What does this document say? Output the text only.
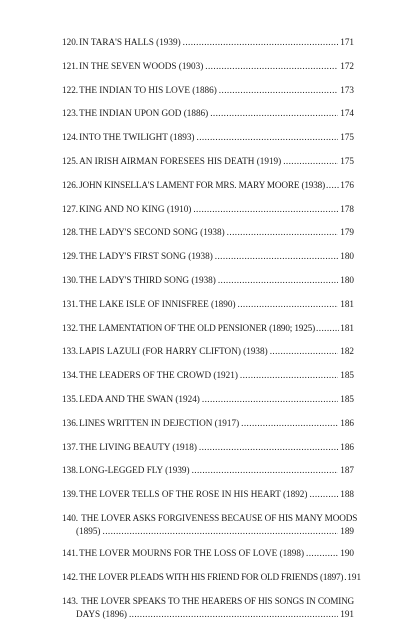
120. IN TARA'S HALLS (1939) .....	171
121. IN THE SEVEN WOODS (1903) .....	172
122. THE INDIAN TO HIS LOVE (1886) .....	173
123. THE INDIAN UPON GOD (1886) .....	174
124. INTO THE TWILIGHT (1893) .....	175
125. AN IRISH AIRMAN FORESEES HIS DEATH (1919) .....	175
126. JOHN KINSELLA'S LAMENT FOR MRS. MARY MOORE (1938) ..... 176
127. KING AND NO KING (1910) .....	178
128. THE LADY'S SECOND SONG (1938) .....	179
129. THE LADY'S FIRST SONG (1938) .....	180
130. THE LADY'S THIRD SONG (1938) .....	180
131. THE LAKE ISLE OF INNISFREE (1890) .....	181
132. THE LAMENTATION OF THE OLD PENSIONER (1890; 1925) .....	181
133. LAPIS LAZULI (FOR HARRY CLIFTON) (1938) .....	182
134. THE LEADERS OF THE CROWD (1921) .....	185
135. LEDA AND THE SWAN (1924) .....	185
136. LINES WRITTEN IN DEJECTION (1917) .....	186
137. THE LIVING BEAUTY (1918) .....	186
138. LONG-LEGGED FLY (1939) .....	187
139. THE LOVER TELLS OF THE ROSE IN HIS HEART (1892) .....	188
140. THE LOVER ASKS FORGIVENESS BECAUSE OF HIS MANY MOODS
(1895) .....	189
141. THE LOVER MOURNS FOR THE LOSS OF LOVE (1898) .....	190
142. THE LOVER PLEADS WITH HIS FRIEND FOR OLD FRIENDS (1897) ..... 191
143. THE LOVER SPEAKS TO THE HEARERS OF HIS SONGS IN COMING
DAYS (1896) .....	191
